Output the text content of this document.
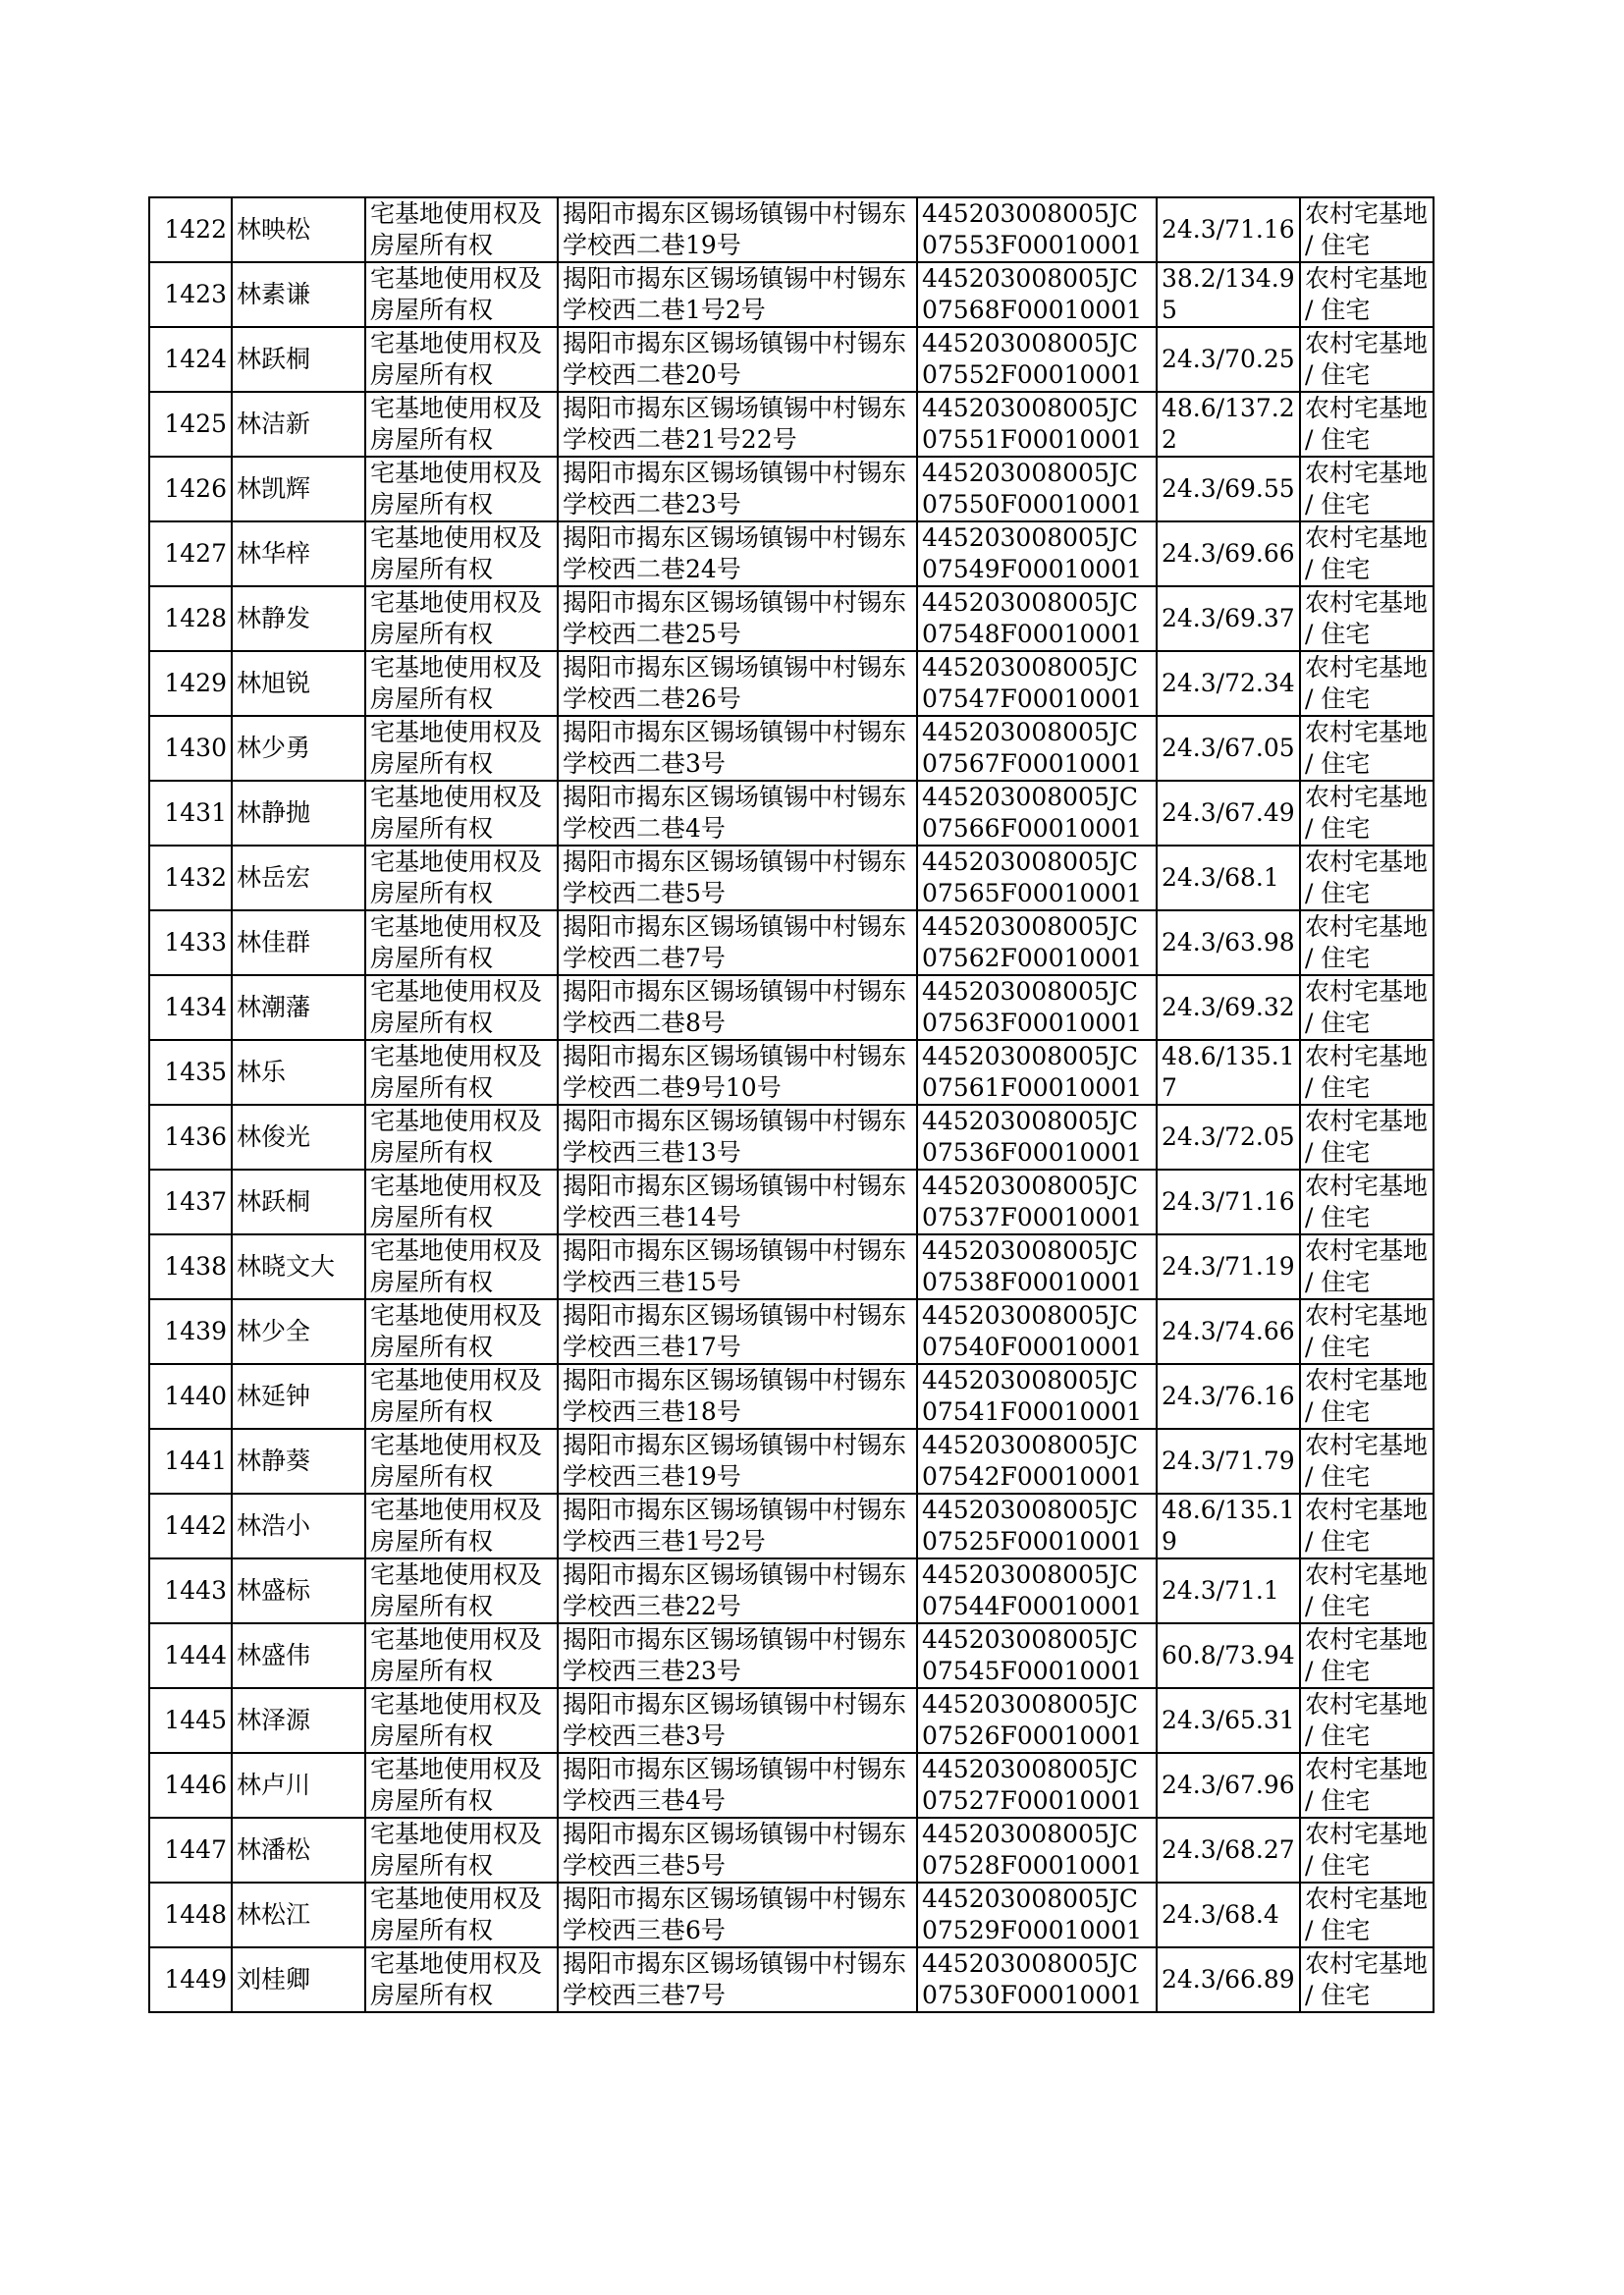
1422	林映松	宅基地使用权及房屋所有权	揭阳市揭东区锡场镇锡中村锡东学校西二巷19号	445203008005JC07553F00010001	24.3/71.16	农村宅基地 / 住宅
1423	林素谦	宅基地使用权及房屋所有权	揭阳市揭东区锡场镇锡中村锡东学校西二巷1号2号	445203008005JC07568F00010001	38.2/134.95	农村宅基地 / 住宅
1424	林跃桐	宅基地使用权及房屋所有权	揭阳市揭东区锡场镇锡中村锡东学校西二巷20号	445203008005JC07552F00010001	24.3/70.25	农村宅基地 / 住宅
1425	林洁新	宅基地使用权及房屋所有权	揭阳市揭东区锡场镇锡中村锡东学校西二巷21号22号	445203008005JC07551F00010001	48.6/137.22	农村宅基地 / 住宅
1426	林凯辉	宅基地使用权及房屋所有权	揭阳市揭东区锡场镇锡中村锡东学校西二巷23号	445203008005JC07550F00010001	24.3/69.55	农村宅基地 / 住宅
1427	林华梓	宅基地使用权及房屋所有权	揭阳市揭东区锡场镇锡中村锡东学校西二巷24号	445203008005JC07549F00010001	24.3/69.66	农村宅基地 / 住宅
1428	林静发	宅基地使用权及房屋所有权	揭阳市揭东区锡场镇锡中村锡东学校西二巷25号	445203008005JC07548F00010001	24.3/69.37	农村宅基地 / 住宅
1429	林旭锐	宅基地使用权及房屋所有权	揭阳市揭东区锡场镇锡中村锡东学校西二巷26号	445203008005JC07547F00010001	24.3/72.34	农村宅基地 / 住宅
1430	林少勇	宅基地使用权及房屋所有权	揭阳市揭东区锡场镇锡中村锡东学校西二巷3号	445203008005JC07567F00010001	24.3/67.05	农村宅基地 / 住宅
1431	林静抛	宅基地使用权及房屋所有权	揭阳市揭东区锡场镇锡中村锡东学校西二巷4号	445203008005JC07566F00010001	24.3/67.49	农村宅基地 / 住宅
1432	林岳宏	宅基地使用权及房屋所有权	揭阳市揭东区锡场镇锡中村锡东学校西二巷5号	445203008005JC07565F00010001	24.3/68.1	农村宅基地 / 住宅
1433	林佳群	宅基地使用权及房屋所有权	揭阳市揭东区锡场镇锡中村锡东学校西二巷7号	445203008005JC07562F00010001	24.3/63.98	农村宅基地 / 住宅
1434	林潮藩	宅基地使用权及房屋所有权	揭阳市揭东区锡场镇锡中村锡东学校西二巷8号	445203008005JC07563F00010001	24.3/69.32	农村宅基地 / 住宅
1435	林乐	宅基地使用权及房屋所有权	揭阳市揭东区锡场镇锡中村锡东学校西二巷9号10号	445203008005JC07561F00010001	48.6/135.17	农村宅基地 / 住宅
1436	林俊光	宅基地使用权及房屋所有权	揭阳市揭东区锡场镇锡中村锡东学校西三巷13号	445203008005JC07536F00010001	24.3/72.05	农村宅基地 / 住宅
1437	林跃桐	宅基地使用权及房屋所有权	揭阳市揭东区锡场镇锡中村锡东学校西三巷14号	445203008005JC07537F00010001	24.3/71.16	农村宅基地 / 住宅
1438	林晓文大	宅基地使用权及房屋所有权	揭阳市揭东区锡场镇锡中村锡东学校西三巷15号	445203008005JC07538F00010001	24.3/71.19	农村宅基地 / 住宅
1439	林少全	宅基地使用权及房屋所有权	揭阳市揭东区锡场镇锡中村锡东学校西三巷17号	445203008005JC07540F00010001	24.3/74.66	农村宅基地 / 住宅
1440	林延钟	宅基地使用权及房屋所有权	揭阳市揭东区锡场镇锡中村锡东学校西三巷18号	445203008005JC07541F00010001	24.3/76.16	农村宅基地 / 住宅
1441	林静葵	宅基地使用权及房屋所有权	揭阳市揭东区锡场镇锡中村锡东学校西三巷19号	445203008005JC07542F00010001	24.3/71.79	农村宅基地 / 住宅
1442	林浩小	宅基地使用权及房屋所有权	揭阳市揭东区锡场镇锡中村锡东学校西三巷1号2号	445203008005JC07525F00010001	48.6/135.19	农村宅基地 / 住宅
1443	林盛标	宅基地使用权及房屋所有权	揭阳市揭东区锡场镇锡中村锡东学校西三巷22号	445203008005JC07544F00010001	24.3/71.1	农村宅基地 / 住宅
1444	林盛伟	宅基地使用权及房屋所有权	揭阳市揭东区锡场镇锡中村锡东学校西三巷23号	445203008005JC07545F00010001	60.8/73.94	农村宅基地 / 住宅
1445	林泽源	宅基地使用权及房屋所有权	揭阳市揭东区锡场镇锡中村锡东学校西三巷3号	445203008005JC07526F00010001	24.3/65.31	农村宅基地 / 住宅
1446	林卢川	宅基地使用权及房屋所有权	揭阳市揭东区锡场镇锡中村锡东学校西三巷4号	445203008005JC07527F00010001	24.3/67.96	农村宅基地 / 住宅
1447	林潘松	宅基地使用权及房屋所有权	揭阳市揭东区锡场镇锡中村锡东学校西三巷5号	445203008005JC07528F00010001	24.3/68.27	农村宅基地 / 住宅
1448	林松江	宅基地使用权及房屋所有权	揭阳市揭东区锡场镇锡中村锡东学校西三巷6号	445203008005JC07529F00010001	24.3/68.4	农村宅基地 / 住宅
1449	刘桂卿	宅基地使用权及房屋所有权	揭阳市揭东区锡场镇锡中村锡东学校西三巷7号	445203008005JC07530F00010001	24.3/66.89	农村宅基地 / 住宅
